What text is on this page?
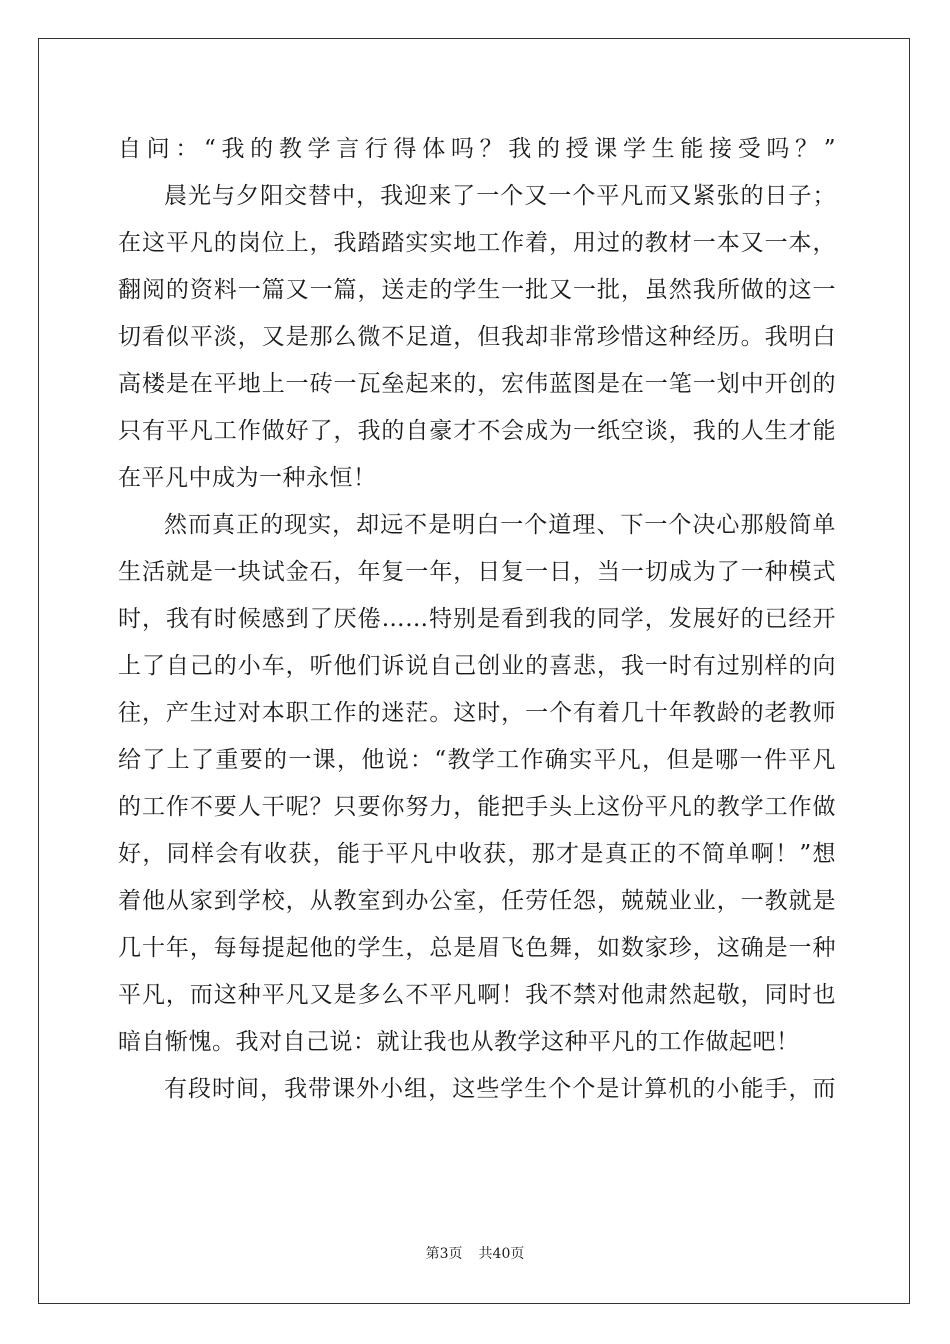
自问：“我的教学言行得体吗？我的授课学生能接受吗？”
晨光与夕阳交替中，我迎来了一个又一个平凡而又紧张的日子；
在这平凡的岗位上，我踏踏实实地工作着，用过的教材一本又一本，
翻阅的资料一篇又一篇，送走的学生一批又一批，虽然我所做的这一
切看似平淡，又是那么微不足道，但我却非常珍惜这种经历。我明白
高楼是在平地上一砖一瓦垒起来的，宏伟蓝图是在一笔一划中开创的
只有平凡工作做好了，我的自豪才不会成为一纸空谈，我的人生才能
在平凡中成为一种永恒！
然而真正的现实，却远不是明白一个道理、下一个决心那般简单
生活就是一块试金石，年复一年，日复一日，当一切成为了一种模式
时，我有时候感到了厌倦……特别是看到我的同学，发展好的已经开
上了自己的小车，听他们诉说自己创业的喜悲，我一时有过别样的向
往，产生过对本职工作的迷茫。这时，一个有着几十年教龄的老教师
给了上了重要的一课，他说：“教学工作确实平凡，但是哪一件平凡
的工作不要人干呢？只要你努力，能把手头上这份平凡的教学工作做
好，同样会有收获，能于平凡中收获，那才是真正的不简单啊！”想
着他从家到学校，从教室到办公室，任劳任怨，兢兢业业，一教就是
几十年，每每提起他的学生，总是眉飞色舞，如数家珍，这确是一种
平凡，而这种平凡又是多么不平凡啊！我不禁对他肃然起敬，同时也
暗自惭愧。我对自己说：就让我也从教学这种平凡的工作做起吧！
有段时间，我带课外小组，这些学生个个是计算机的小能手，而
第3页 共40页
